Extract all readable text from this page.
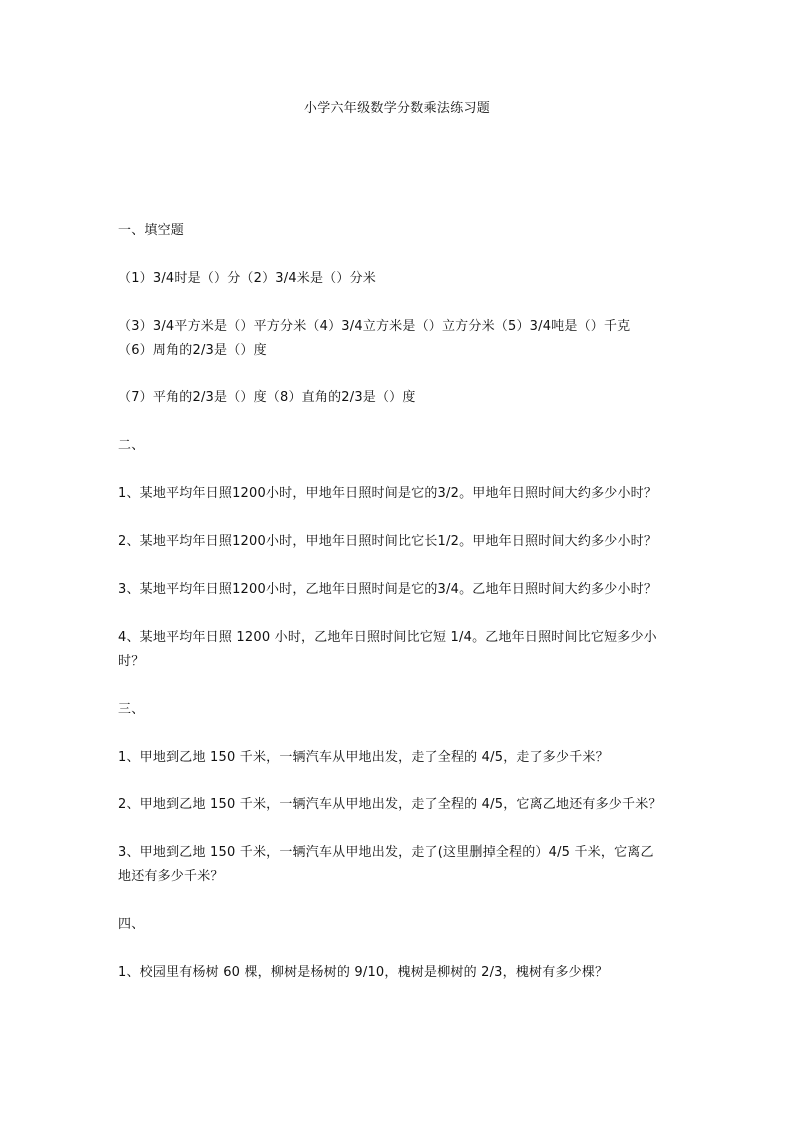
小学六年级数学分数乘法练习题
一、填空题
（1）3/4时是（）分（2）3/4米是（）分米
（3）3/4平方米是（）平方分米（4）3/4立方米是（）立方分米（5）3/4吨是（）千克
（6）周角的2/3是（）度
（7）平角的2/3是（）度（8）直角的2/3是（）度
二、
1、某地平均年日照1200小时，甲地年日照时间是它的3/2。甲地年日照时间大约多少小时？
2、某地平均年日照1200小时，甲地年日照时间比它长1/2。甲地年日照时间大约多少小时？
3、某地平均年日照1200小时，乙地年日照时间是它的3/4。乙地年日照时间大约多少小时？
4、某地平均年日照 1200 小时，乙地年日照时间比它短 1/4。乙地年日照时间比它短多少小
时？
三、
1、甲地到乙地 150 千米，一辆汽车从甲地出发，走了全程的 4/5，走了多少千米？
2、甲地到乙地 150 千米，一辆汽车从甲地出发，走了全程的 4/5，它离乙地还有多少千米？
3、甲地到乙地 150 千米，一辆汽车从甲地出发，走了(这里删掉全程的）4/5 千米，它离乙
地还有多少千米？
四、
1、校园里有杨树 60 棵，柳树是杨树的 9/10，槐树是柳树的 2/3，槐树有多少棵？
